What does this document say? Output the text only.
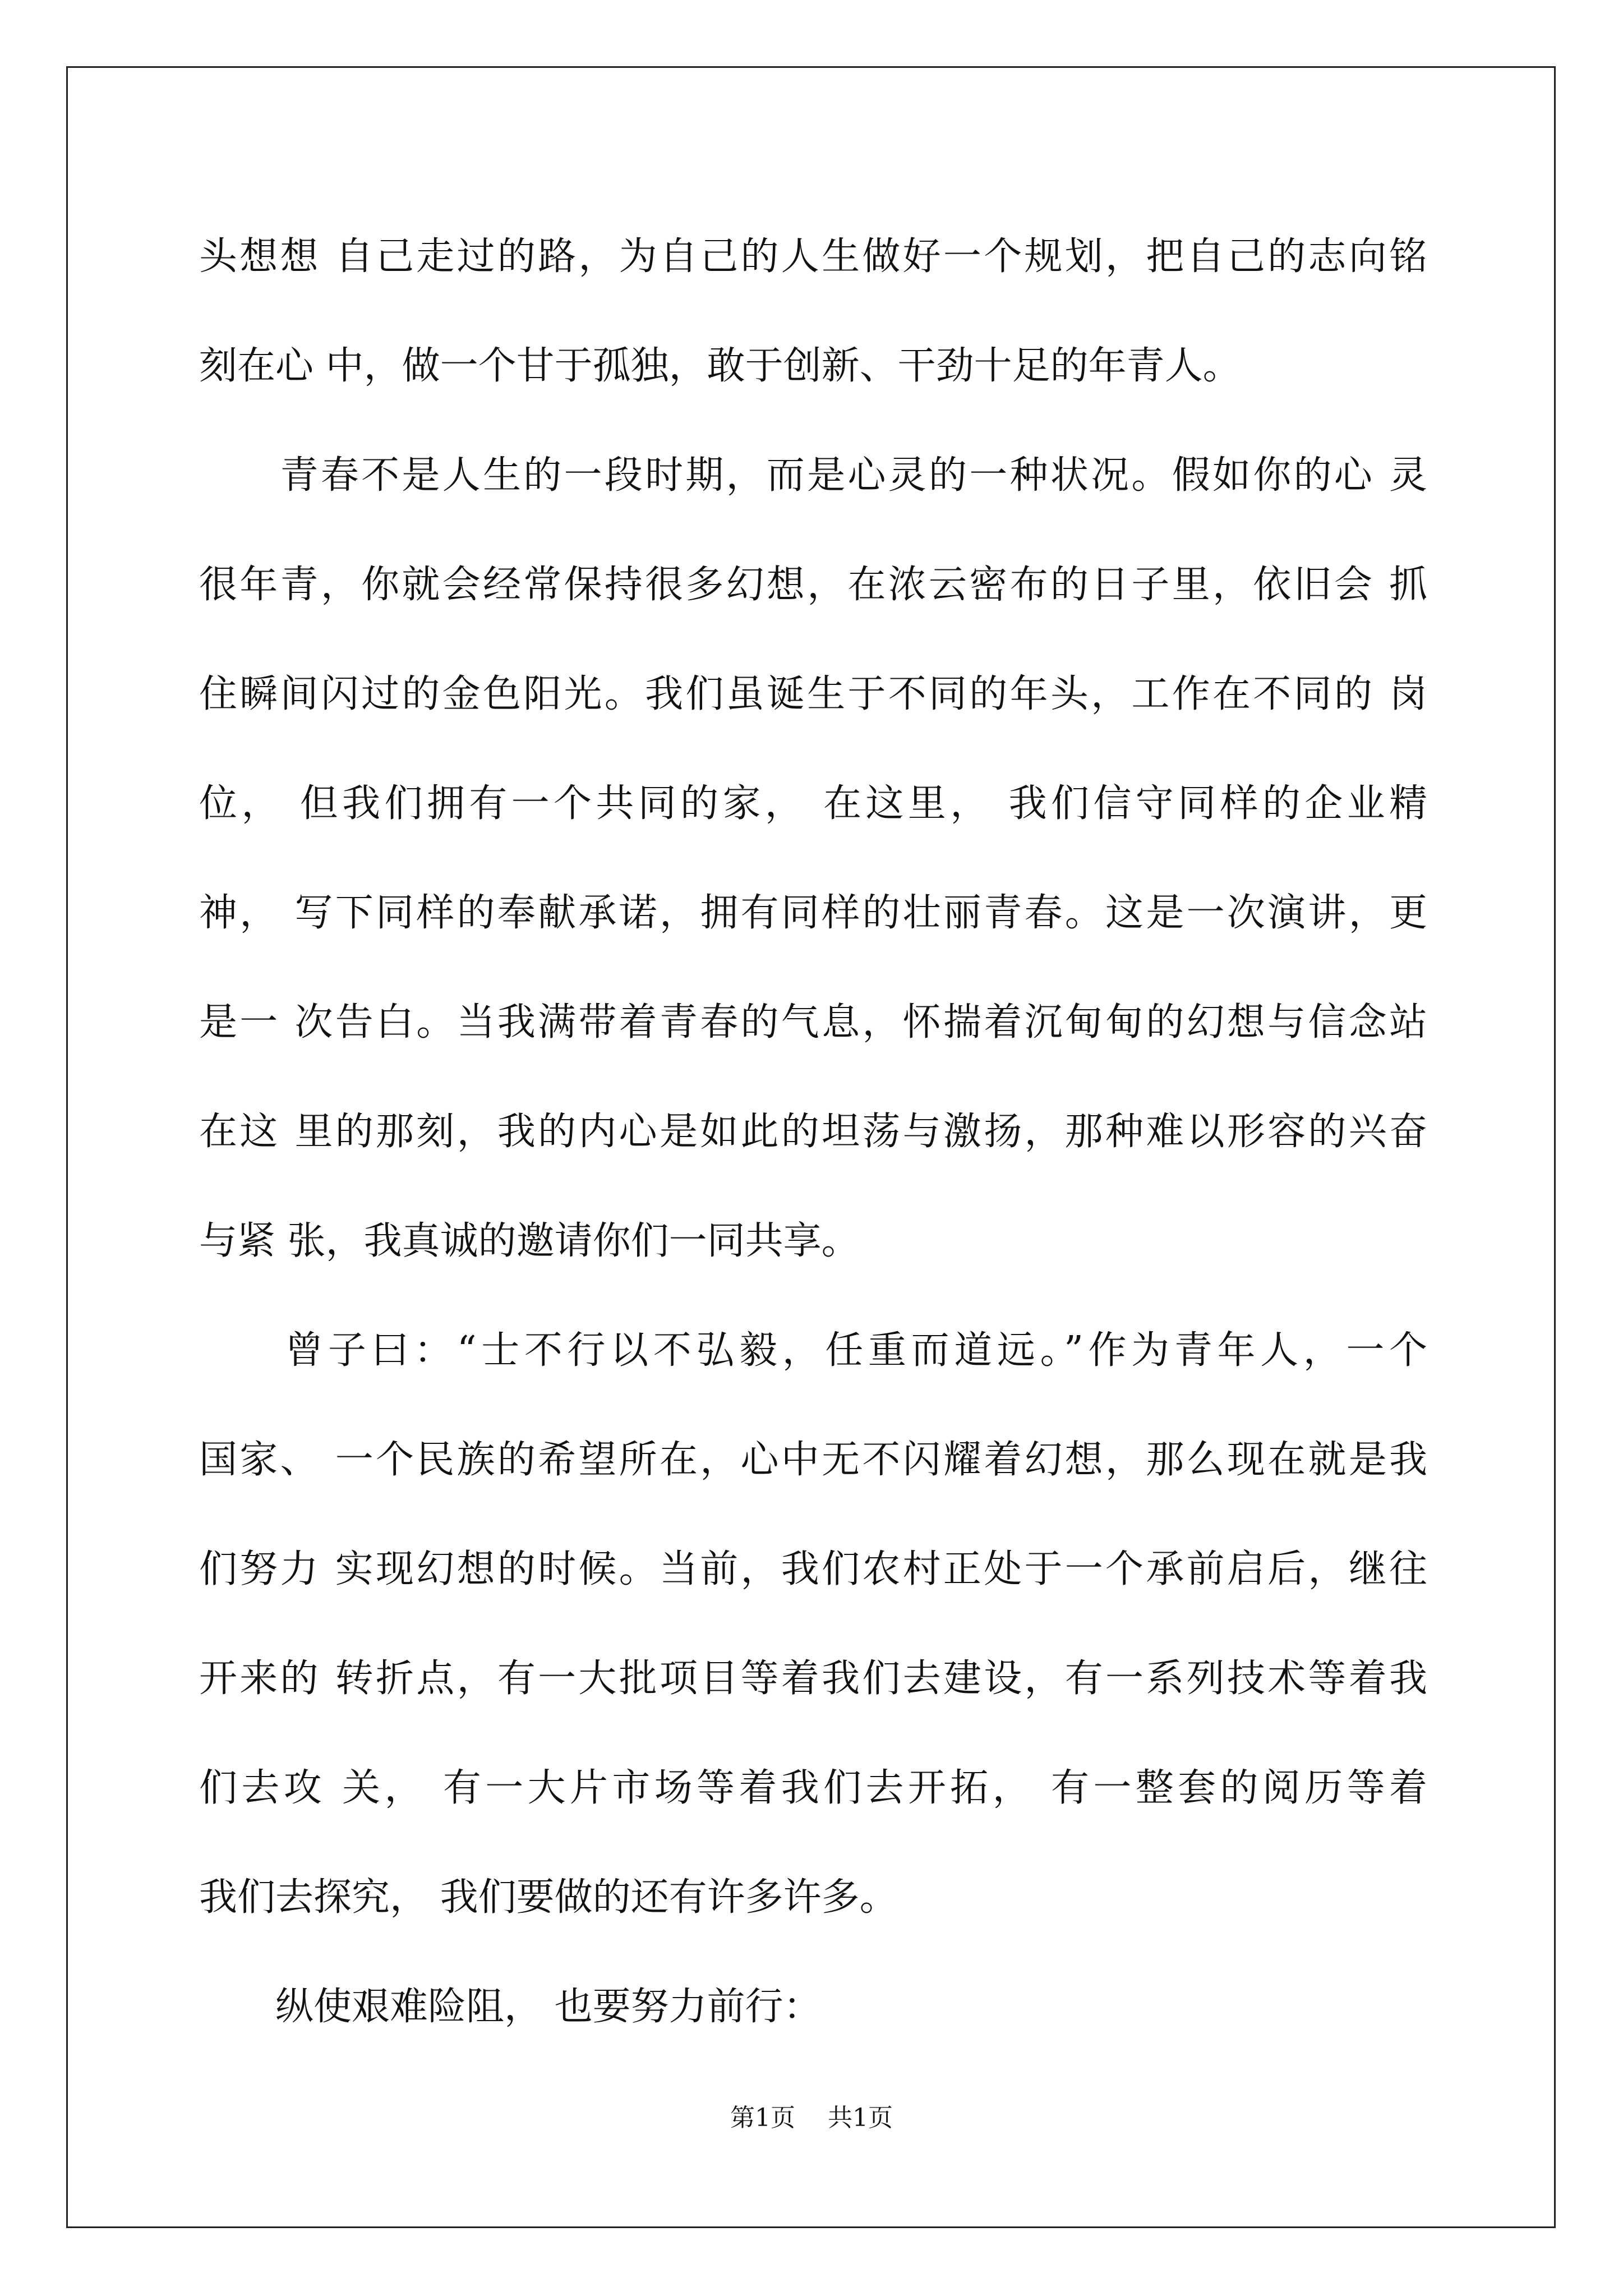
头想想 自己走过的路，为自己的人生做好一个规划，把自己的志向铭
刻在心 中，做一个甘于孤独，敢于创新、干劲十足的年青人。
　　青春不是人生的一段时期，而是心灵的一种状况。假如你的心 灵
很年青，你就会经常保持很多幻想，在浓云密布的日子里，依旧会 抓
住瞬间闪过的金色阳光。我们虽诞生于不同的年头，工作在不同的 岗
位， 但我们拥有一个共同的家， 在这里， 我们信守同样的企业精
神， 写下同样的奉献承诺，拥有同样的壮丽青春。这是一次演讲，更
是一 次告白。当我满带着青春的气息，怀揣着沉甸甸的幻想与信念站
在这 里的那刻，我的内心是如此的坦荡与激扬，那种难以形容的兴奋
与紧 张，我真诚的邀请你们一同共享。
　　曾子曰：“士不行以不弘毅，任重而道远。”作为青年人，一个
国家、 一个民族的希望所在，心中无不闪耀着幻想，那么现在就是我
们努力 实现幻想的时候。当前，我们农村正处于一个承前启后，继往
开来的 转折点，有一大批项目等着我们去建设，有一系列技术等着我
们去攻 关， 有一大片市场等着我们去开拓， 有一整套的阅历等着
我们去探究， 我们要做的还有许多许多。
　　纵使艰难险阻， 也要努力前行：
第1页　 共1页
